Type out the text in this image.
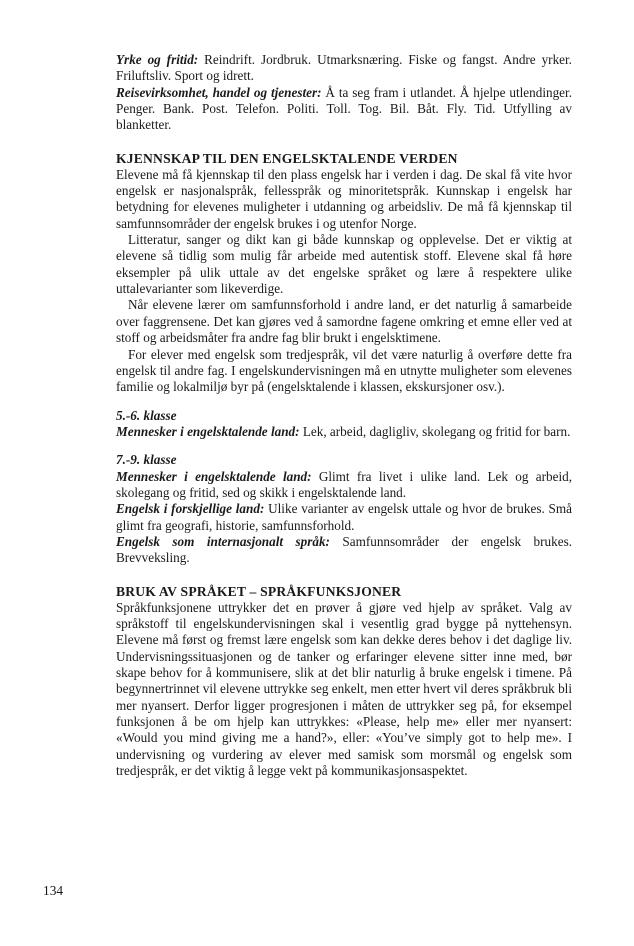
Yrke og fritid: Reindrift. Jordbruk. Utmarksnæring. Fiske og fangst. Andre yrker. Friluftsliv. Sport og idrett.

Reisevirksomhet, handel og tjenester: Å ta seg fram i utlandet. Å hjelpe utlendinger. Penger. Bank. Post. Telefon. Politi. Toll. Tog. Bil. Båt. Fly. Tid. Utfylling av blanketter.

KJENNSKAP TIL DEN ENGELSKTALENDE VERDEN

Elevene må få kjennskap til den plass engelsk har i verden i dag. De skal få vite hvor engelsk er nasjonalspråk, fellesspråk og minoritetspråk. Kunnskap i engelsk har betydning for elevenes muligheter i utdanning og arbeidsliv. De må få kjennskap til samfunnsområder der engelsk brukes i og utenfor Norge.

Litteratur, sanger og dikt kan gi både kunnskap og opplevelse. Det er viktig at elevene så tidlig som mulig får arbeide med autentisk stoff. Elevene skal få høre eksempler på ulik uttale av det engelske språket og lære å respektere ulike uttalevarianter som likeverdige.

Når elevene lærer om samfunnsforhold i andre land, er det naturlig å samarbeide over faggrensene. Det kan gjøres ved å samordne fagene omkring et emne eller ved at stoff og arbeidsmåter fra andre fag blir brukt i engelsktimene.

For elever med engelsk som tredjespråk, vil det være naturlig å overføre dette fra engelsk til andre fag. I engelskundervisningen må en utnytte muligheter som elevenes familie og lokalmiljø byr på (engelsktalende i klassen, ekskursjoner osv.).

5.-6. klasse

Mennesker i engelsktalende land: Lek, arbeid, dagligliv, skolegang og fritid for barn.

7.-9. klasse

Mennesker i engelsktalende land: Glimt fra livet i ulike land. Lek og arbeid, skolegang og fritid, sed og skikk i engelsktalende land.

Engelsk i forskjellige land: Ulike varianter av engelsk uttale og hvor de brukes. Små glimt fra geografi, historie, samfunnsforhold.

Engelsk som internasjonalt språk: Samfunnsområder der engelsk brukes. Brevveksling.

BRUK AV SPRÅKET – SPRÅKFUNKSJONER

Språkfunksjonene uttrykker det en prøver å gjøre ved hjelp av språket. Valg av språkstoff til engelskundervisningen skal i vesentlig grad bygge på nyttehensyn. Elevene må først og fremst lære engelsk som kan dekke deres behov i det daglige liv. Undervisningssituasjonen og de tanker og erfaringer elevene sitter inne med, bør skape behov for å kommunisere, slik at det blir naturlig å bruke engelsk i timene. På begynnertrinnet vil elevene uttrykke seg enkelt, men etter hvert vil deres språkbruk bli mer nyansert. Derfor ligger progresjonen i måten de uttrykker seg på, for eksempel funksjonen å be om hjelp kan uttrykkes: «Please, help me» eller mer nyansert: «Would you mind giving me a hand?», eller: «You’ve simply got to help me». I undervisning og vurdering av elever med samisk som morsmål og engelsk som tredjespråk, er det viktig å legge vekt på kommunikasjonsaspektet.

134
